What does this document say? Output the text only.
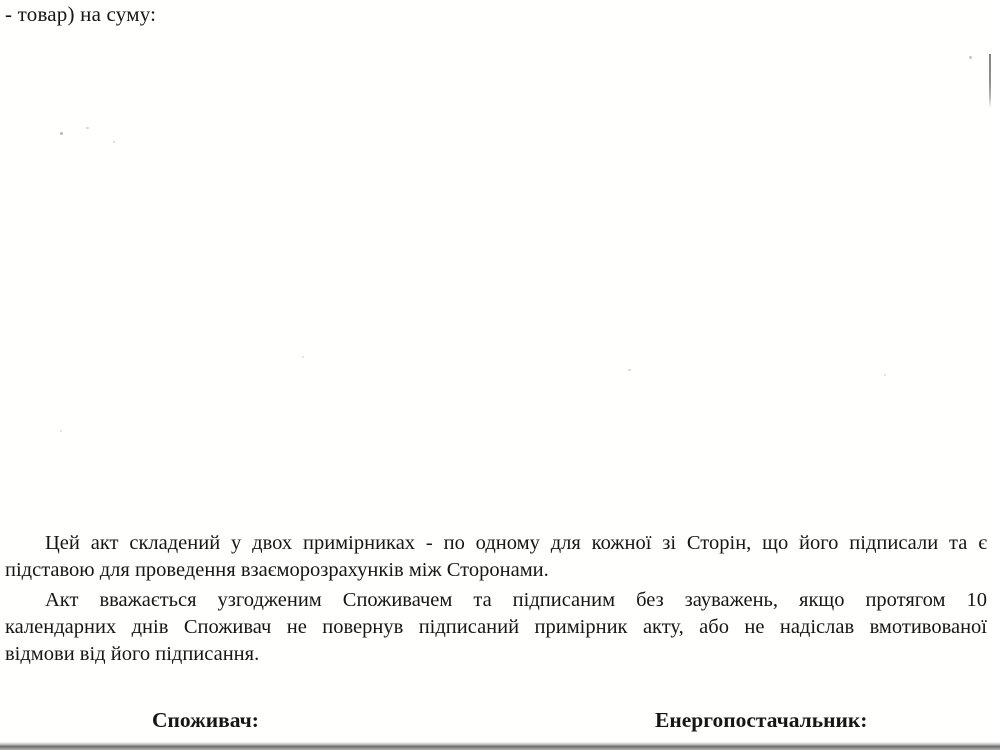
- товар) на суму:
Цей акт складений у двох примірниках - по одному для кожної зі Сторін, що його підписали та є
підставою для проведення взаєморозрахунків між Сторонами.
Акт вважається узгодженим Споживачем та підписаним без зауважень, якщо протягом 10
календарних днів Споживач не повернув підписаний примірник акту, або не надіслав вмотивованої
відмови від його підписання.
Споживач:	Енергопостачальник:
